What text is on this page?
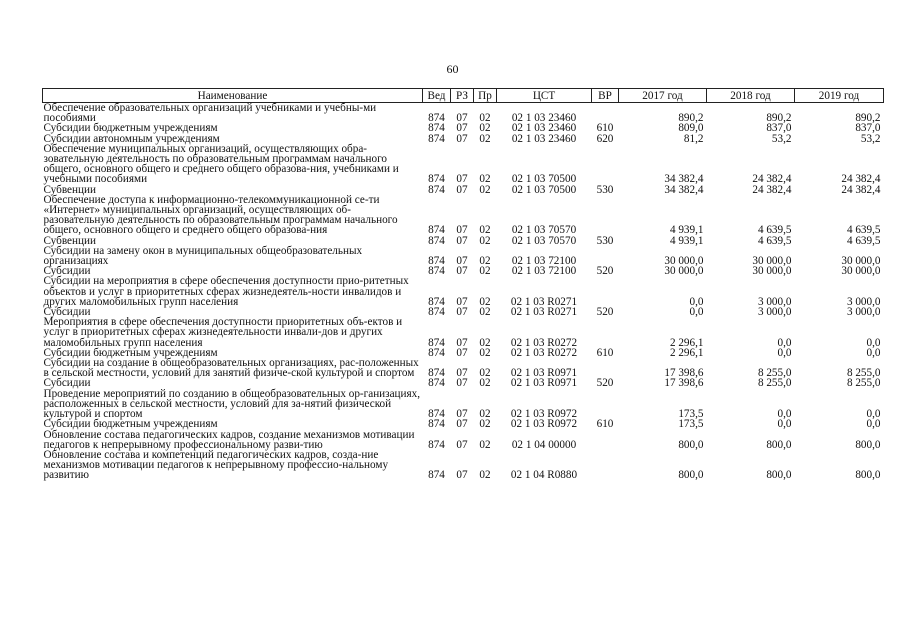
60
Наименование	Вед	РЗ	Пр	ЦСТ	ВР	2017 год	2018 год	2019 год
Обеспечение образовательных организаций учебниками и учебны-ми пособиями	874	07	02	02 1 03 23460		890,2	890,2	890,2
Субсидии бюджетным учреждениям	874	07	02	02 1 03 23460	610	809,0	837,0	837,0
Субсидии автономным учреждениям	874	07	02	02 1 03 23460	620	81,2	53,2	53,2
Обеспечение муниципальных организаций, осуществляющих обра-зовательную деятельность по образовательным программам начального общего, основного общего и среднего общего образова-ния, учебниками и учебными пособиями	874	07	02	02 1 03 70500		34 382,4	24 382,4	24 382,4
Субвенции	874	07	02	02 1 03 70500	530	34 382,4	24 382,4	24 382,4
Обеспечение доступа к информационно-телекоммуникационной се-ти «Интернет» муниципальных организаций, осуществляющих об-разовательную деятельность по образовательным программам начального общего, основного общего и среднего общего образова-ния	874	07	02	02 1 03 70570		4 939,1	4 639,5	4 639,5
Субвенции	874	07	02	02 1 03 70570	530	4 939,1	4 639,5	4 639,5
Субсидии на замену окон в муниципальных общеобразовательных организациях	874	07	02	02 1 03 72100		30 000,0	30 000,0	30 000,0
Субсидии	874	07	02	02 1 03 72100	520	30 000,0	30 000,0	30 000,0
Субсидии на мероприятия в сфере обеспечения доступности прио-ритетных объектов и услуг в приоритетных сферах жизнедеятель-ности инвалидов и других маломобильных групп населения	874	07	02	02 1 03 R0271		0,0	3 000,0	3 000,0
Субсидии	874	07	02	02 1 03 R0271	520	0,0	3 000,0	3 000,0
Мероприятия в сфере обеспечения доступности приоритетных объ-ектов и услуг в приоритетных сферах жизнедеятельности инвали-дов и других маломобильных групп населения	874	07	02	02 1 03 R0272		2 296,1	0,0	0,0
Субсидии бюджетным учреждениям	874	07	02	02 1 03 R0272	610	2 296,1	0,0	0,0
Субсидии на создание в общеобразовательных организациях, рас-положенных в сельской местности, условий для занятий физиче-ской культурой и спортом	874	07	02	02 1 03 R0971		17 398,6	8 255,0	8 255,0
Субсидии	874	07	02	02 1 03 R0971	520	17 398,6	8 255,0	8 255,0
Проведение мероприятий по созданию в общеобразовательных ор-ганизациях, расположенных в сельской местности, условий для за-нятий физической культурой и спортом	874	07	02	02 1 03 R0972		173,5	0,0	0,0
Субсидии бюджетным учреждениям	874	07	02	02 1 03 R0972	610	173,5	0,0	0,0
Обновление состава педагогических кадров, создание механизмов мотивации педагогов к непрерывному профессиональному разви-тию	874	07	02	02 1 04 00000		800,0	800,0	800,0
Обновление состава и компетенций педагогических кадров, созда-ние механизмов мотивации педагогов к непрерывному профессио-нальному развитию	874	07	02	02 1 04 R0880		800,0	800,0	800,0
